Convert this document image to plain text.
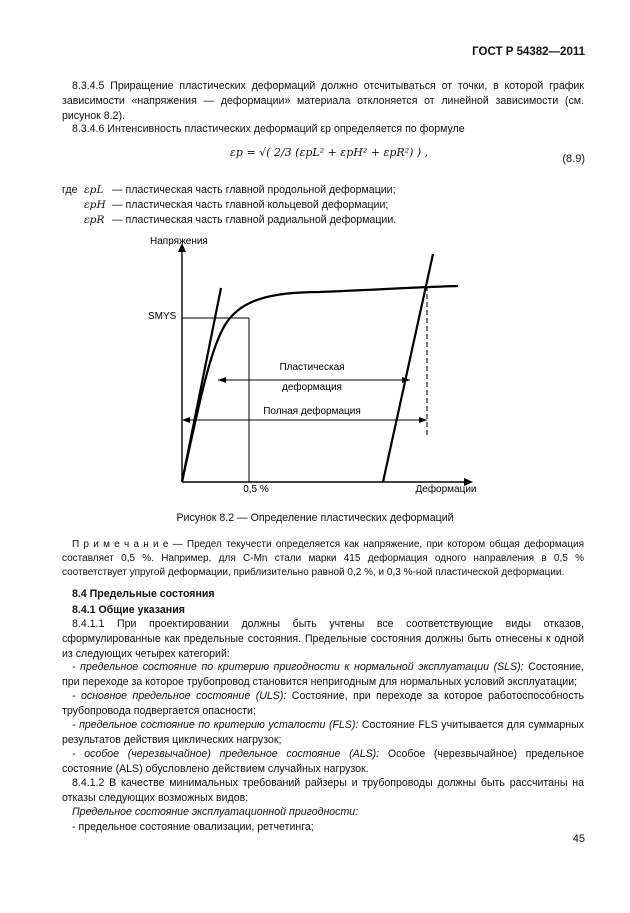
ГОСТ Р 54382—2011
8.3.4.5 Приращение пластических деформаций должно отсчитываться от точки, в которой график зависимости «напряжения — деформации» материала отклоняется от линейной зависимости (см. рисунок 8.2).
8.3.4.6 Интенсивность пластических деформаций εp определяется по формуле
εp = √( 2/3 (εpL² + εpH² + εpR²) ) ,	(8.9)
где εpL — пластическая часть главной продольной деформации;
εpH — пластическая часть главной кольцевой деформации;
εpR — пластическая часть главной радиальной деформации.
Напряжения
SMYS
Пластическая
деформация
Полная деформация
0,5 %	Деформации
Рисунок 8.2 — Определение пластических деформаций
П р и м е ч а н и е — Предел текучести определяется как напряжение, при котором общая деформация составляет 0,5 %. Например, для C-Mn стали марки 415 деформация одного направления в 0,5 % соответствует упругой деформации, приблизительно равной 0,2 %, и 0,3 %-ной пластической деформации.
8.4 Предельные состояния
8.4.1 Общие указания
8.4.1.1 При проектировании должны быть учтены все соответствующие виды отказов, сформулированные как предельные состояния. Предельные состояния должны быть отнесены к одной из следующих четырех категорий:
- предельное состояние по критерию пригодности к нормальной эксплуатации (SLS): Состояние, при переходе за которое трубопровод становится непригодным для нормальных условий эксплуатации;
- основное предельное состояние (ULS): Состояние, при переходе за которое работоспособность трубопровода подвергается опасности;
- предельное состояние по критерию усталости (FLS): Состояние FLS учитывается для суммарных результатов действия циклических нагрузок;
- особое (черезвычайное) предельное состояние (ALS): Особое (черезвычайное) предельное состояние (ALS) обусловлено действием случайных нагрузок.
8.4.1.2 В качестве минимальных требований райзеры и трубопроводы должны быть рассчитаны на отказы следующих возможных видов:
Предельное состояние эксплуатационной пригодности:
- предельное состояние овализации, ретчетинга;
45
